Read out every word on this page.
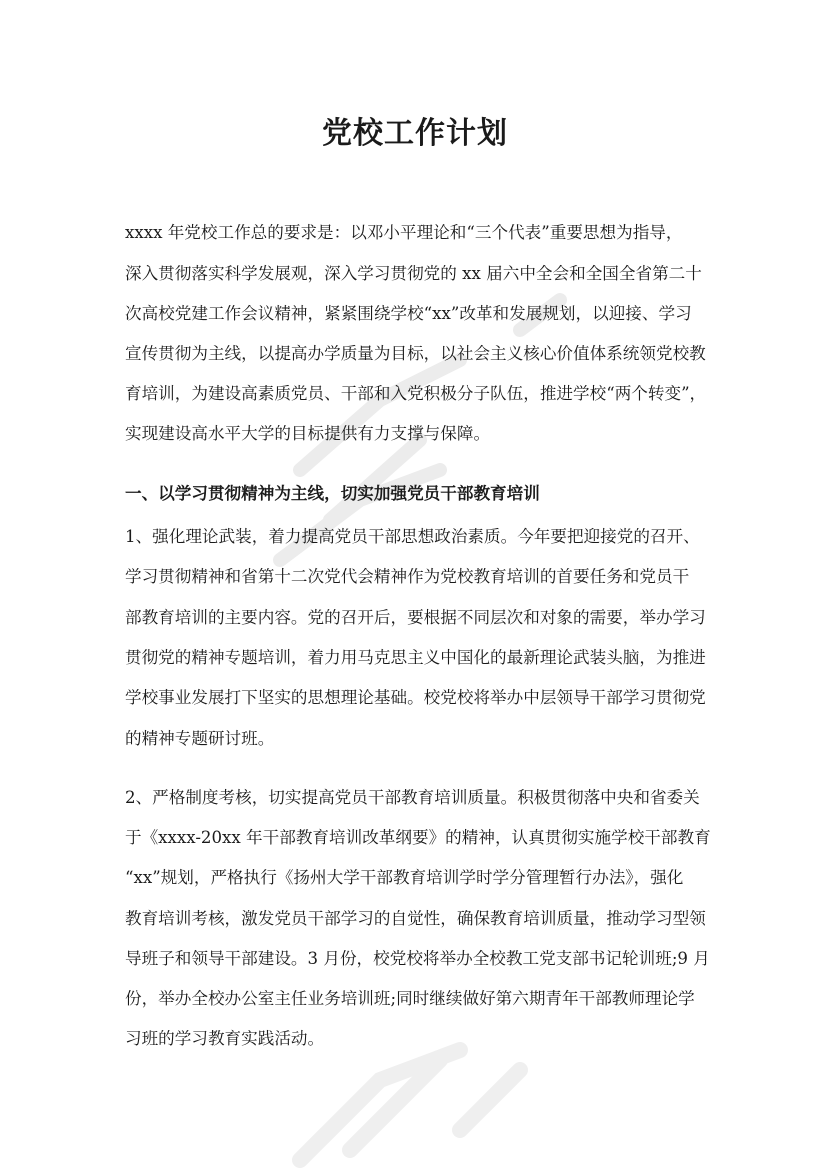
党校工作计划
xxxx 年党校工作总的要求是：以邓小平理论和“三个代表”重要思想为指导，
深入贯彻落实科学发展观，深入学习贯彻党的 xx 届六中全会和全国全省第二十
次高校党建工作会议精神，紧紧围绕学校“xx”改革和发展规划，以迎接、学习
宣传贯彻为主线，以提高办学质量为目标，以社会主义核心价值体系统领党校教
育培训，为建设高素质党员、干部和入党积极分子队伍，推进学校“两个转变”，
实现建设高水平大学的目标提供有力支撑与保障。
一、以学习贯彻精神为主线，切实加强党员干部教育培训
1、强化理论武装，着力提高党员干部思想政治素质。今年要把迎接党的召开、
学习贯彻精神和省第十二次党代会精神作为党校教育培训的首要任务和党员干
部教育培训的主要内容。党的召开后，要根据不同层次和对象的需要，举办学习
贯彻党的精神专题培训，着力用马克思主义中国化的最新理论武装头脑，为推进
学校事业发展打下坚实的思想理论基础。校党校将举办中层领导干部学习贯彻党
的精神专题研讨班。
2、严格制度考核，切实提高党员干部教育培训质量。积极贯彻落中央和省委关
于《xxxx-20xx 年干部教育培训改革纲要》的精神，认真贯彻实施学校干部教育
“xx”规划，严格执行《扬州大学干部教育培训学时学分管理暂行办法》，强化
教育培训考核，激发党员干部学习的自觉性，确保教育培训质量，推动学习型领
导班子和领导干部建设。3 月份，校党校将举办全校教工党支部书记轮训班;9 月
份，举办全校办公室主任业务培训班;同时继续做好第六期青年干部教师理论学
习班的学习教育实践活动。
